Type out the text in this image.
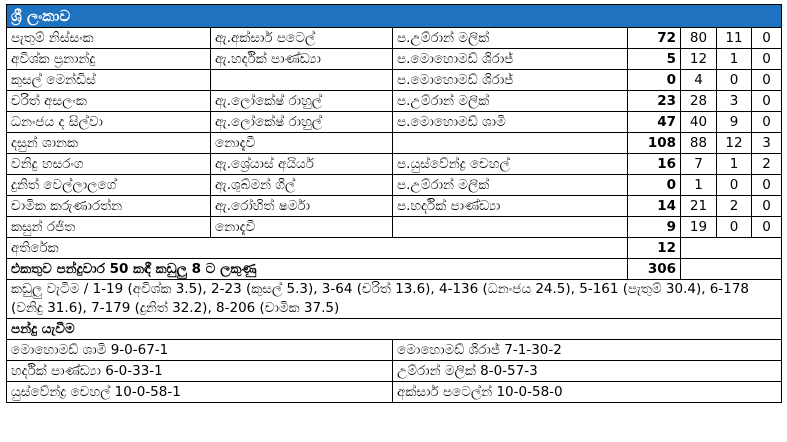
ශ්‍රී ලංකාව						
පැතුම් නිස්සංක	ඇ.අක්සාර් පටෙල්	ප.උම්රාන් මලික්	72	80	11	0
අවිශ්ක ප්‍රනාන්දු	ඇ.හර්දික් පාණ්ඩ්‍යා	ප.මොහොමඩ් ශිරාජ්	5	12	1	0
කුසල් මෙන්ඩිස්		ප.මොහොමඩ් ශිරාජ්	0	4	0	0
චරිත් අසලංක	ඇ.ලෝකේෂ් රාහුල්	ප.උම්රාන් මලික්	23	28	3	0
ධනංජය ද සිල්වා	ඇ.ලෝකේෂ් රාහුල්	ප.මොහොමඩ් ශාමි	47	40	9	0
දසුන් ශානක	නොදැවී		108	88	12	3
වනිදු හසරංග	ඇ.ශ්‍රේයාස් අයියර්	ප.යුස්වේන්ද්‍ර චෙහල්	16	7	1	2
දුනිත් වෙල්ලාලගේ	ඇ.ශුබ්මන් ගිල්	ප.උම්රාන් මලික්	0	1	0	0
චාමික කරුණාරත්න	ඇ.රෝහිත් ෂර්මා	ප.හර්දික් පාණ්ඩ්‍යා	14	21	2	0
කසුන් රජිත	නොදැවී		9	19	0	0
අතිරේක			12			
එකතුව පන්දුවාර 50 කඳී කඩුලු 8 ට ලකුණු			306			
කඩුලු වැටීම / 1-19 (අවිශ්ක 3.5), 2-23 (කුසල් 5.3), 3-64 (චරිත් 13.6), 4-136 (ධනංජය 24.5), 5-161 (පැතුම් 30.4), 6-178 (වනිදු 31.6), 7-179 (දුනිත් 32.2), 8-206 (චාමික 37.5)						
පන්දු යැවීම						
මොහොමඩ් ශාමි 9-0-67-1		මොහොමඩ් ශිරාජ් 7-1-30-2				
හර්දික් පාණ්ඩ්‍යා 6-0-33-1		උම්රාන් මලික් 8-0-57-3				
යුස්වේන්ද්‍ර චෙහල් 10-0-58-1		අක්සාර් පටෙල්න් 10-0-58-0				
